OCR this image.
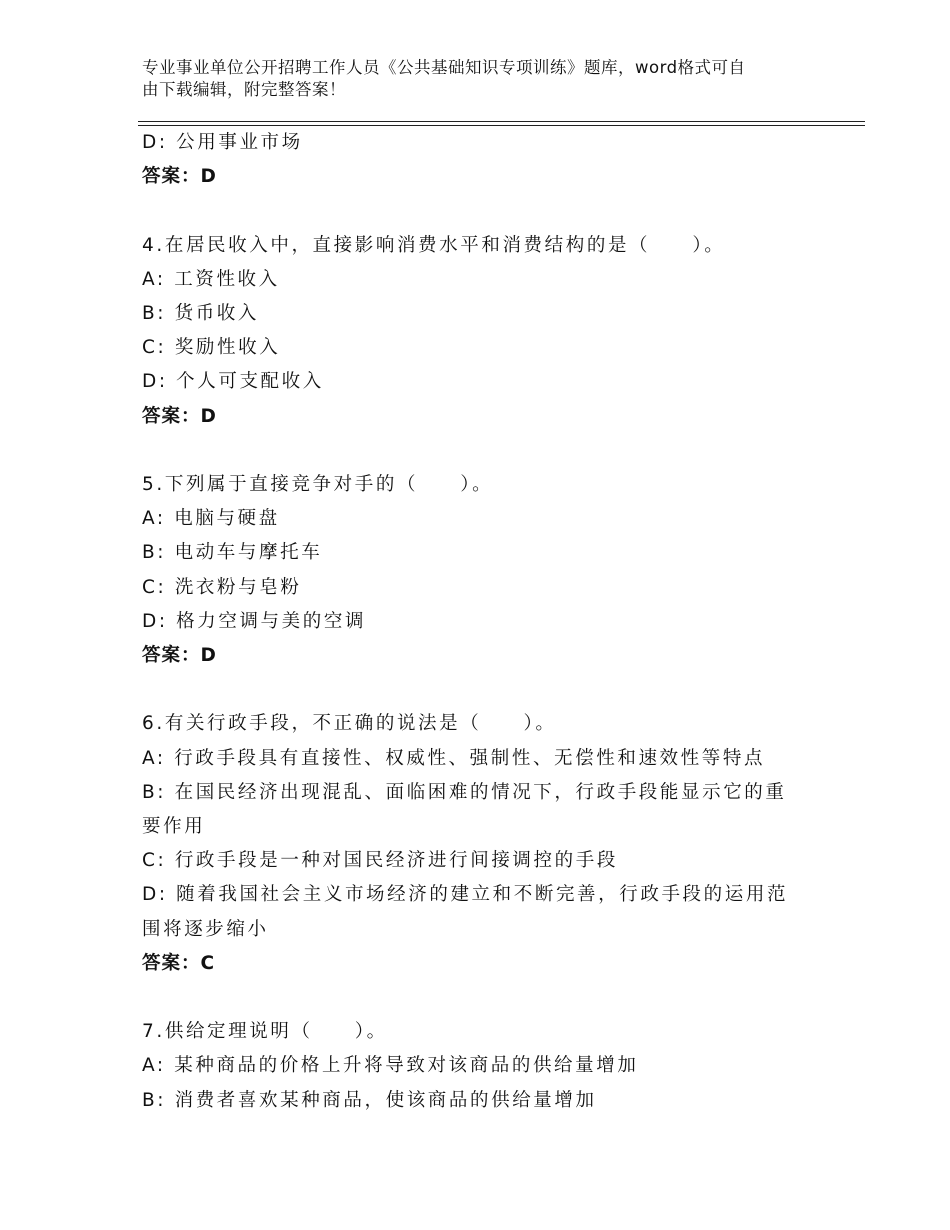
专业事业单位公开招聘工作人员《公共基础知识专项训练》题库，word格式可自
由下载编辑，附完整答案！
D: 公用事业市场
答案：D
4.在居民收入中，直接影响消费水平和消费结构的是（　　）。
A: 工资性收入
B: 货币收入
C: 奖励性收入
D: 个人可支配收入
答案：D
5.下列属于直接竞争对手的（　　）。
A: 电脑与硬盘
B: 电动车与摩托车
C: 洗衣粉与皂粉
D: 格力空调与美的空调
答案：D
6.有关行政手段，不正确的说法是（　　）。
A: 行政手段具有直接性、权威性、强制性、无偿性和速效性等特点
B: 在国民经济出现混乱、面临困难的情况下，行政手段能显示它的重
要作用
C: 行政手段是一种对国民经济进行间接调控的手段
D: 随着我国社会主义市场经济的建立和不断完善，行政手段的运用范
围将逐步缩小
答案：C
7.供给定理说明（　　）。
A: 某种商品的价格上升将导致对该商品的供给量增加
B: 消费者喜欢某种商品，使该商品的供给量增加
